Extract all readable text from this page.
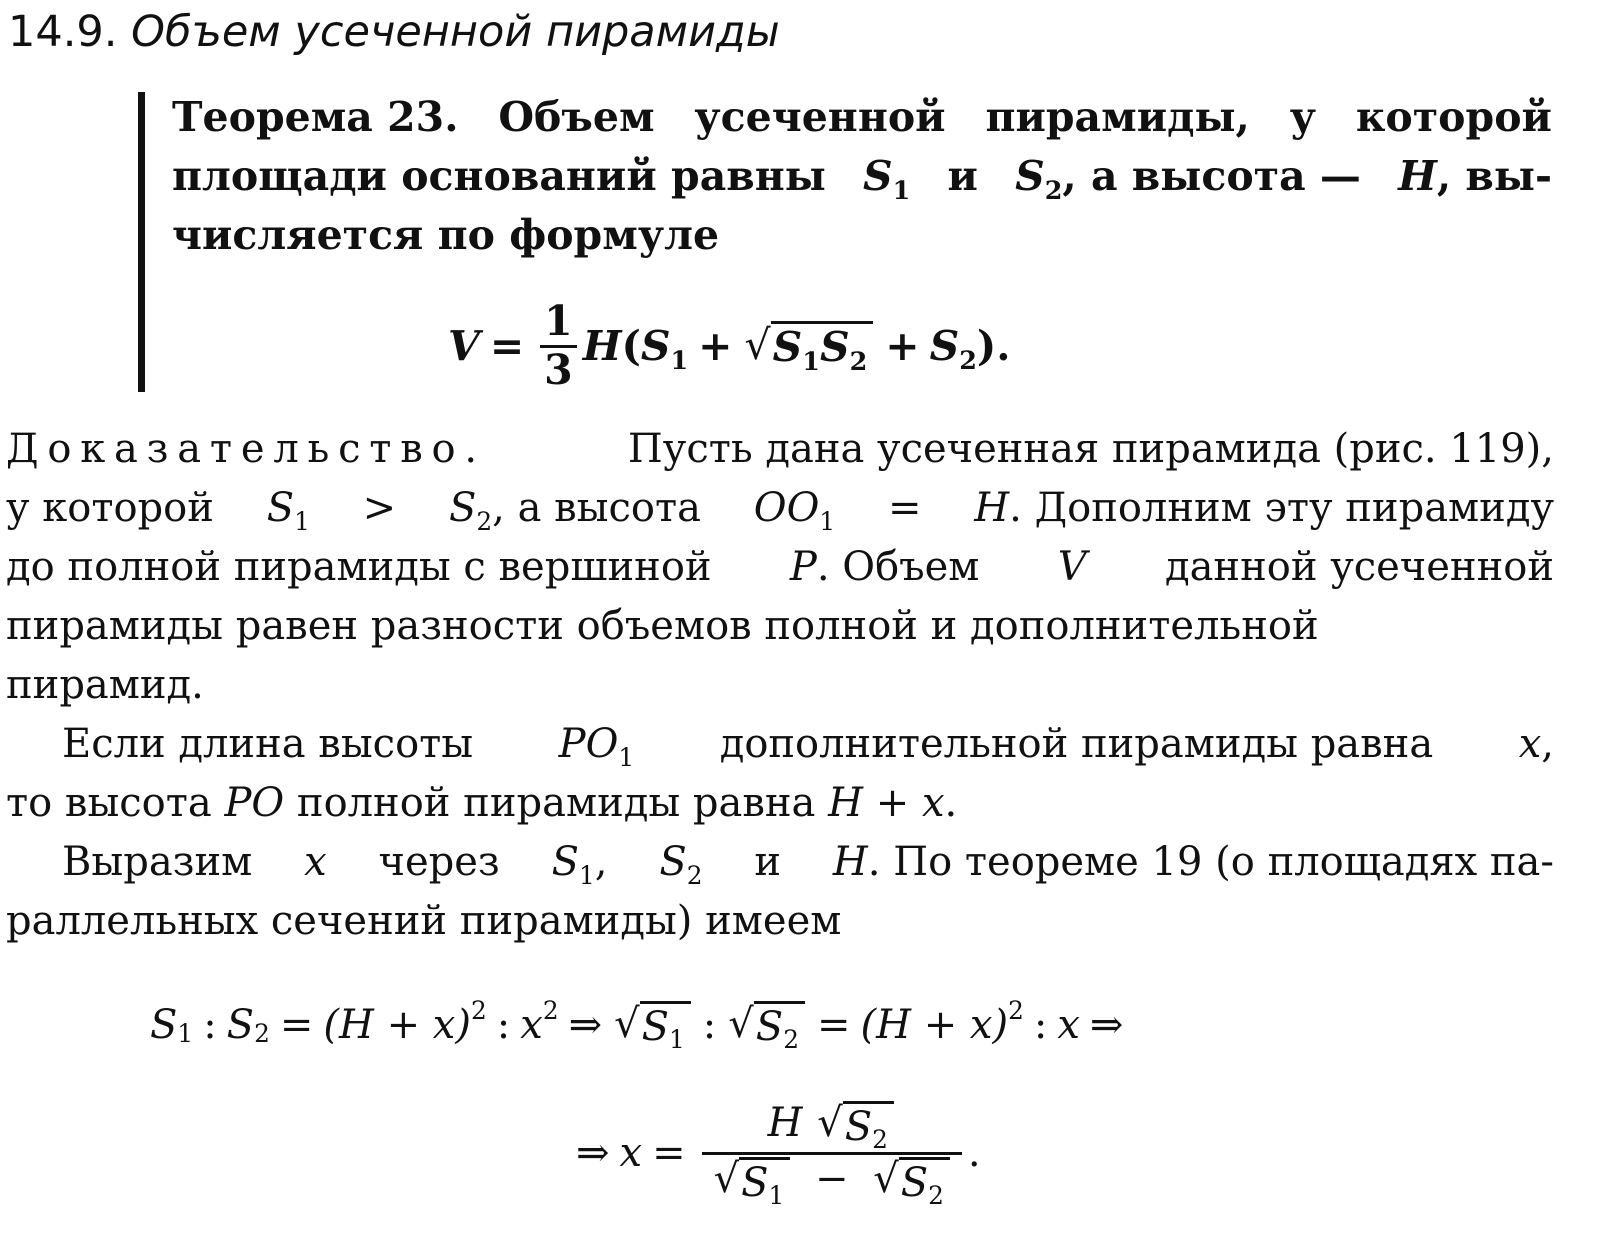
14.9. Объем усеченной пирамиды
Теорема 23. Объем усеченной пирамиды, у которой
площади оснований равны $S_1$ и $S_2$, а высота — H, вы-
числяется по формуле
$V = \frac{1}{3}$ H ( $S_1$ + √ $S_1S_2 + S_2$ ).
Доказательство.	Пусть дана усеченная пирамида (рис. 119),
у которой $S_1 > S_2$, а высота $OO_1 = H$. Дополним эту пирамиду
до полной пирамиды с вершиной P. Объем V данной усеченной
пирамиды равен разности объемов полной и дополнительной
пирамид.
Если длина высоты $PO_1$ дополнительной пирамиды равна x,
то высота
PO
полной пирамиды равна
H + x.
Выразим x через $S_1$, $S_2$ и H. По теореме 19 (о площадях па-
раллельных сечений пирамиды) имеем
S 1 : S 2 = (H + x) 2 : x 2 ⇒ √ $S_1$ : √ $S_2 = (H + x)$ 2 : x ⇒
⇒ x =
H √ $S_2$
√ $S_1$ − √ $S_2$
.
